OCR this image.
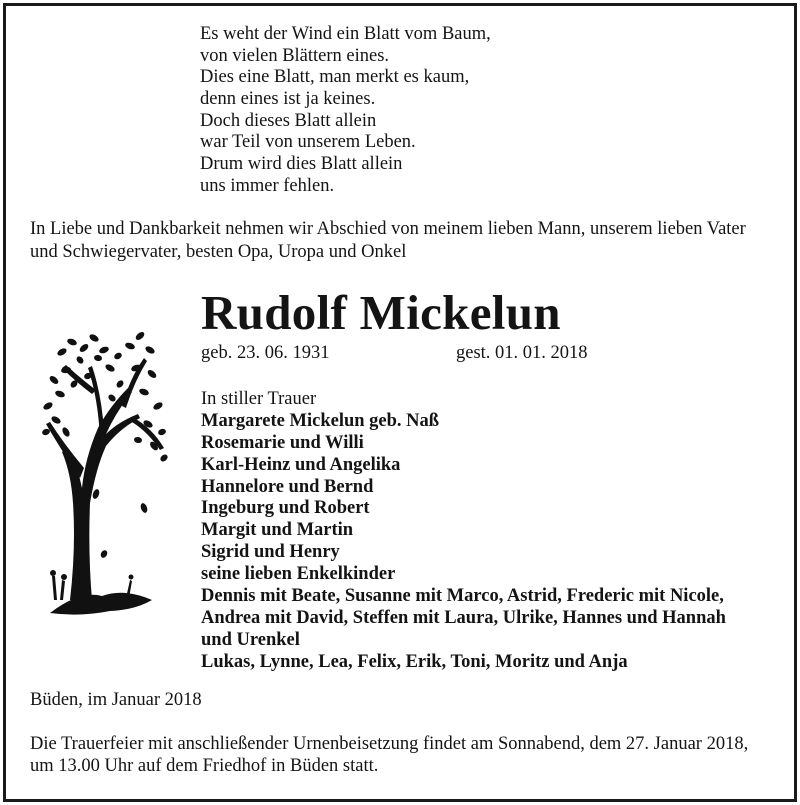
Es weht der Wind ein Blatt vom Baum,
von vielen Blättern eines.
Dies eine Blatt, man merkt es kaum,
denn eines ist ja keines.
Doch dieses Blatt allein
war Teil von unserem Leben.
Drum wird dies Blatt allein
uns immer fehlen.
In Liebe und Dankbarkeit nehmen wir Abschied von meinem lieben Mann, unserem lieben Vater
und Schwiegervater, besten Opa, Uropa und Onkel
Rudolf Mickelun
geb. 23. 06. 1931	gest. 01. 01. 2018
In stiller Trauer
Margarete Mickelun geb. Naß
Rosemarie und Willi
Karl-Heinz und Angelika
Hannelore und Bernd
Ingeburg und Robert
Margit und Martin
Sigrid und Henry
seine lieben Enkelkinder
Dennis mit Beate, Susanne mit Marco, Astrid, Frederic mit Nicole,
Andrea mit David, Steffen mit Laura, Ulrike, Hannes und Hannah
und Urenkel
Lukas, Lynne, Lea, Felix, Erik, Toni, Moritz und Anja
Büden, im Januar 2018
Die Trauerfeier mit anschließender Urnenbeisetzung findet am Sonnabend, dem 27. Januar 2018,
um 13.00 Uhr auf dem Friedhof in Büden statt.
